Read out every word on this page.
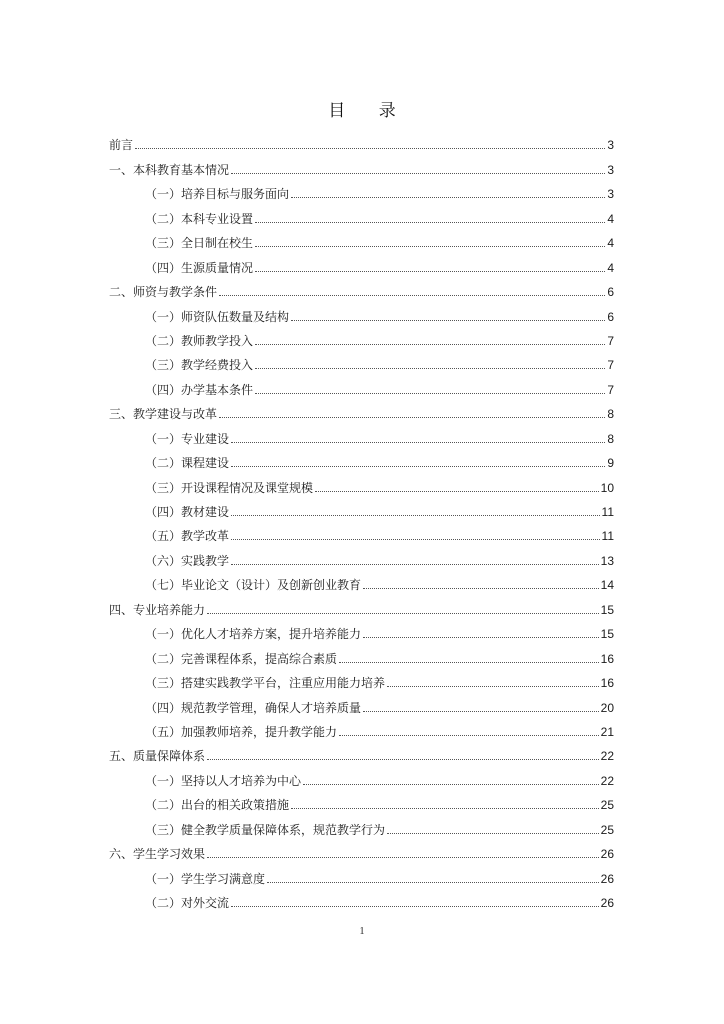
目 录
前言	3
一、本科教育基本情况	3
（一）培养目标与服务面向	3
（二）本科专业设置	4
（三）全日制在校生	4
（四）生源质量情况	4
二、师资与教学条件	6
（一）师资队伍数量及结构	6
（二）教师教学投入	7
（三）教学经费投入	7
（四）办学基本条件	7
三、教学建设与改革	8
（一）专业建设	8
（二）课程建设	9
（三）开设课程情况及课堂规模	10
（四）教材建设	11
（五）教学改革	11
（六）实践教学	13
（七）毕业论文（设计）及创新创业教育	14
四、专业培养能力	15
（一）优化人才培养方案，提升培养能力	15
（二）完善课程体系，提高综合素质	16
（三）搭建实践教学平台，注重应用能力培养	16
（四）规范教学管理，确保人才培养质量	20
（五）加强教师培养，提升教学能力	21
五、质量保障体系	22
（一）坚持以人才培养为中心	22
（二）出台的相关政策措施	25
（三）健全教学质量保障体系，规范教学行为	25
六、学生学习效果	26
（一）学生学习满意度	26
（二）对外交流	26
1
